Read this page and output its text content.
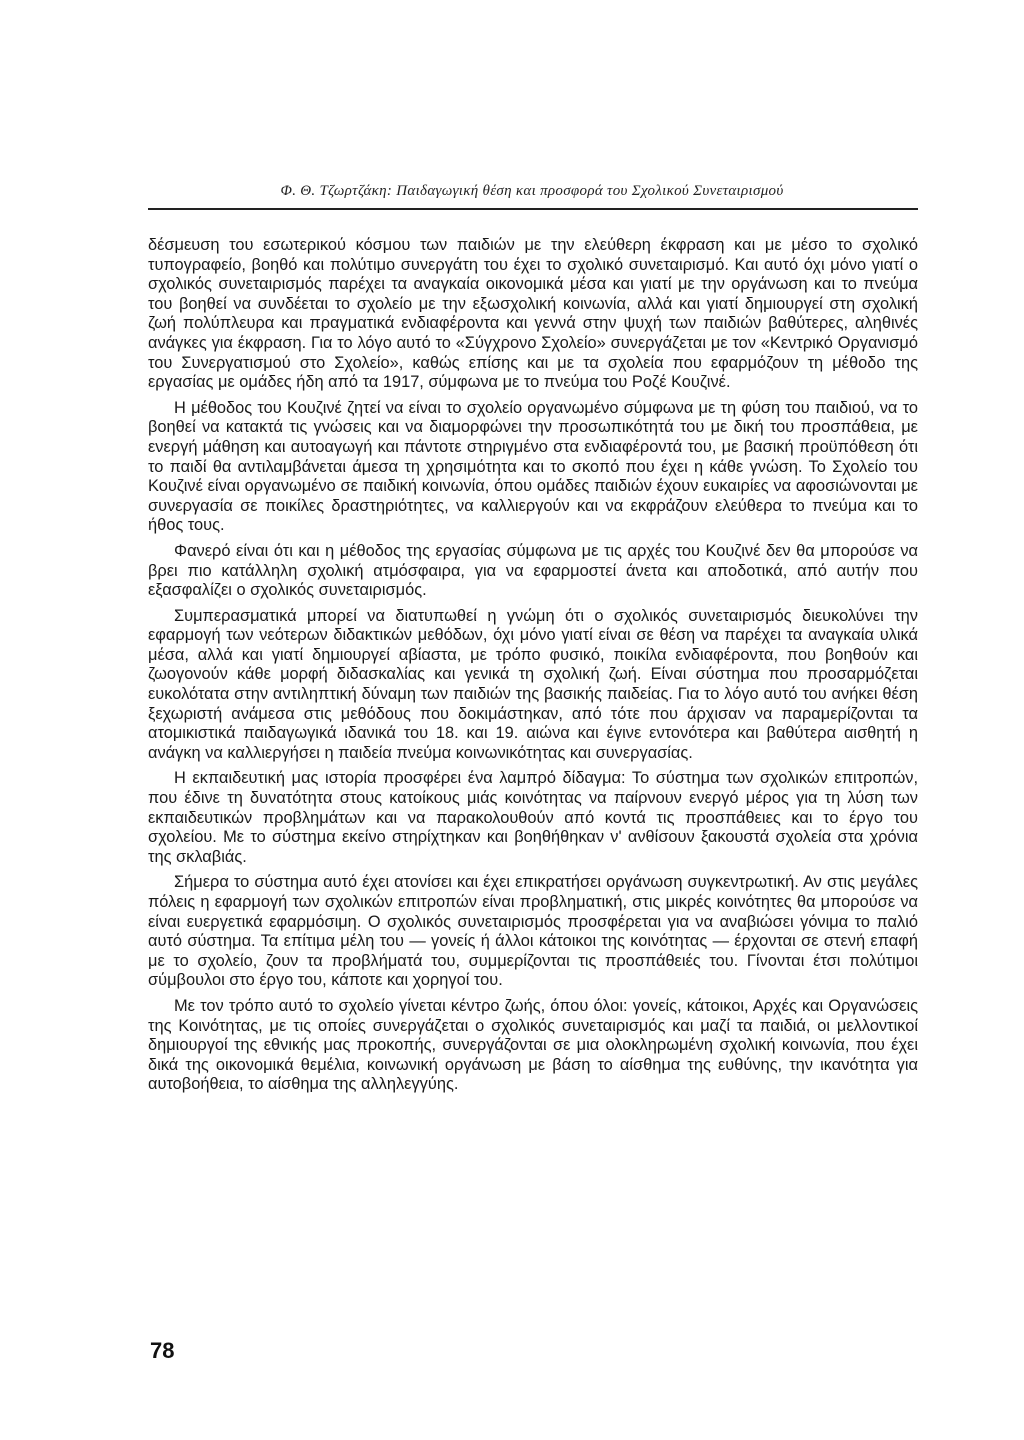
Φ. Θ. Τζωρτζάκη: Παιδαγωγική θέση και προσφορά του Σχολικού Συνεταιρισμού

δέσμευση του εσωτερικού κόσμου των παιδιών με την ελεύθερη έκφραση και με μέσο το σχολικό τυπογραφείο, βοηθό και πολύτιμο συνεργάτη του έχει το σχολικό συνεταιρισμό. Και αυτό όχι μόνο γιατί ο σχολικός συνεταιρισμός παρέχει τα αναγκαία οικονομικά μέσα και γιατί με την οργάνωση και το πνεύμα του βοηθεί να συνδέεται το σχολείο με την εξωσχολική κοινωνία, αλλά και γιατί δημιουργεί στη σχολική ζωή πολύπλευρα και πραγματικά ενδιαφέροντα και γεννά στην ψυχή των παιδιών βαθύτερες, αληθινές ανάγκες για έκφραση. Για το λόγο αυτό το «Σύγχρονο Σχολείο» συνεργάζεται με τον «Κεντρικό Οργανισμό του Συνεργατισμού στο Σχολείο», καθώς επίσης και με τα σχολεία που εφαρμόζουν τη μέθοδο της εργασίας με ομάδες ήδη από τα 1917, σύμφωνα με το πνεύμα του Ροζέ Κουζινέ.

Η μέθοδος του Κουζινέ ζητεί να είναι το σχολείο οργανωμένο σύμφωνα με τη φύση του παιδιού, να το βοηθεί να κατακτά τις γνώσεις και να διαμορφώνει την προσωπικότητά του με δική του προσπάθεια, με ενεργή μάθηση και αυτοαγωγή και πάντοτε στηριγμένο στα ενδιαφέροντά του, με βασική προϋπόθεση ότι το παιδί θα αντιλαμβάνεται άμεσα τη χρησιμότητα και το σκοπό που έχει η κάθε γνώση. Το Σχολείο του Κουζινέ είναι οργανωμένο σε παιδική κοινωνία, όπου ομάδες παιδιών έχουν ευκαιρίες να αφοσιώνονται με συνεργασία σε ποικίλες δραστηριότητες, να καλλιεργούν και να εκφράζουν ελεύθερα το πνεύμα και το ήθος τους.

Φανερό είναι ότι και η μέθοδος της εργασίας σύμφωνα με τις αρχές του Κουζινέ δεν θα μπορούσε να βρει πιο κατάλληλη σχολική ατμόσφαιρα, για να εφαρμοστεί άνετα και αποδοτικά, από αυτήν που εξασφαλίζει ο σχολικός συνεταιρισμός.

Συμπερασματικά μπορεί να διατυπωθεί η γνώμη ότι ο σχολικός συνεταιρισμός διευκολύνει την εφαρμογή των νεότερων διδακτικών μεθόδων, όχι μόνο γιατί είναι σε θέση να παρέχει τα αναγκαία υλικά μέσα, αλλά και γιατί δημιουργεί αβίαστα, με τρόπο φυσικό, ποικίλα ενδιαφέροντα, που βοηθούν και ζωογονούν κάθε μορφή διδασκαλίας και γενικά τη σχολική ζωή. Είναι σύστημα που προσαρμόζεται ευκολότατα στην αντιληπτική δύναμη των παιδιών της βασικής παιδείας. Για το λόγο αυτό του ανήκει θέση ξεχωριστή ανάμεσα στις μεθόδους που δοκιμάστηκαν, από τότε που άρχισαν να παραμερίζονται τα ατομικιστικά παιδαγωγικά ιδανικά του 18. και 19. αιώνα και έγινε εντονότερα και βαθύτερα αισθητή η ανάγκη να καλλιεργήσει η παιδεία πνεύμα κοινωνικότητας και συνεργασίας.

Η εκπαιδευτική μας ιστορία προσφέρει ένα λαμπρό δίδαγμα: Το σύστημα των σχολικών επιτροπών, που έδινε τη δυνατότητα στους κατοίκους μιάς κοινότητας να παίρνουν ενεργό μέρος για τη λύση των εκπαιδευτικών προβλημάτων και να παρακολουθούν από κοντά τις προσπάθειες και το έργο του σχολείου. Με το σύστημα εκείνο στηρίχτηκαν και βοηθήθηκαν ν' ανθίσουν ξακουστά σχολεία στα χρόνια της σκλαβιάς.

Σήμερα το σύστημα αυτό έχει ατονίσει και έχει επικρατήσει οργάνωση συγκεντρωτική. Αν στις μεγάλες πόλεις η εφαρμογή των σχολικών επιτροπών είναι προβληματική, στις μικρές κοινότητες θα μπορούσε να είναι ευεργετικά εφαρμόσιμη. Ο σχολικός συνεταιρισμός προσφέρεται για να αναβιώσει γόνιμα το παλιό αυτό σύστημα. Τα επίτιμα μέλη του — γονείς ή άλλοι κάτοικοι της κοινότητας — έρχονται σε στενή επαφή με το σχολείο, ζουν τα προβλήματά του, συμμερίζονται τις προσπάθειές του. Γίνονται έτσι πολύτιμοι σύμβουλοι στο έργο του, κάποτε και χορηγοί του.

Με τον τρόπο αυτό το σχολείο γίνεται κέντρο ζωής, όπου όλοι: γονείς, κάτοικοι, Αρχές και Οργανώσεις της Κοινότητας, με τις οποίες συνεργάζεται ο σχολικός συνεταιρισμός και μαζί τα παιδιά, οι μελλοντικοί δημιουργοί της εθνικής μας προκοπής, συνεργάζονται σε μια ολοκληρωμένη σχολική κοινωνία, που έχει δικά της οικονομικά θεμέλια, κοινωνική οργάνωση με βάση το αίσθημα της ευθύνης, την ικανότητα για αυτοβοήθεια, το αίσθημα της αλληλεγγύης.

78
